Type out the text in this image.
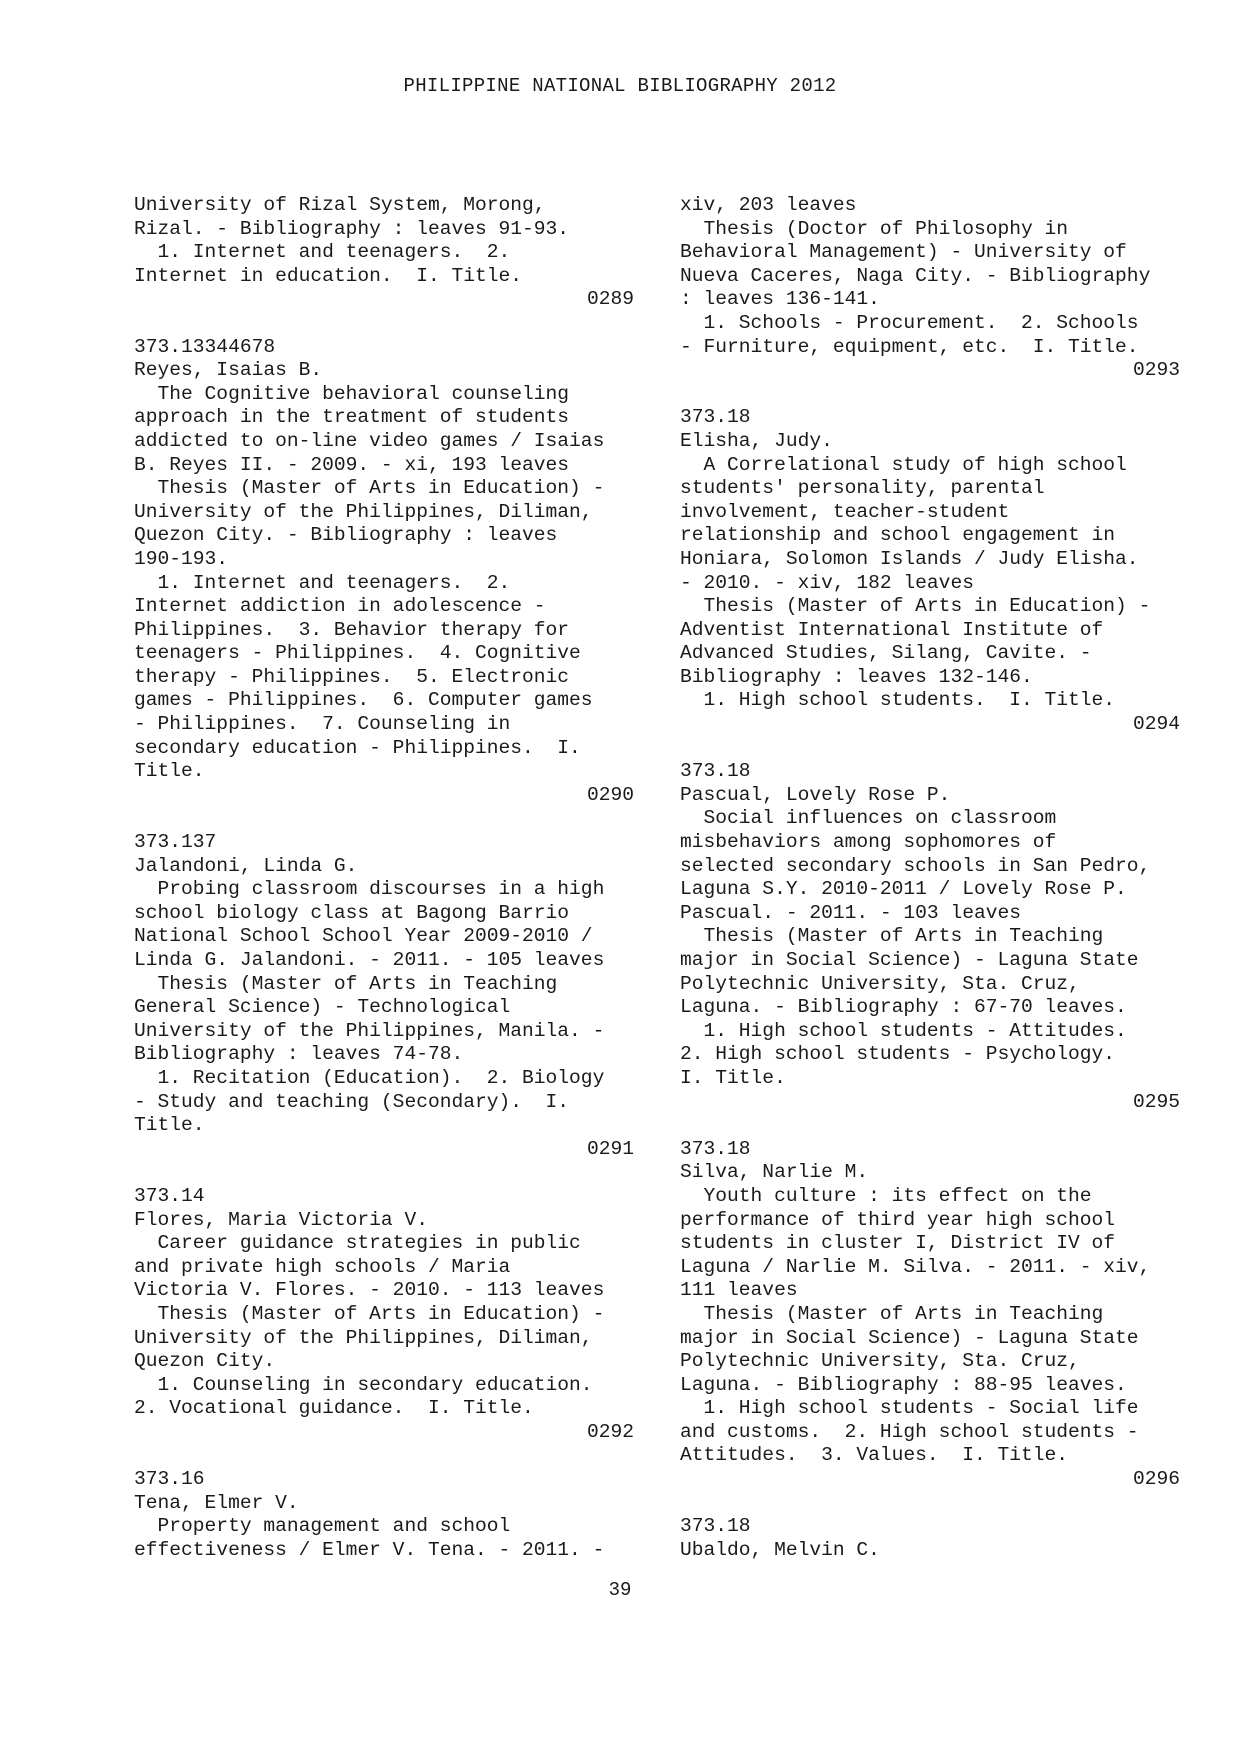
PHILIPPINE NATIONAL BIBLIOGRAPHY 2012
University of Rizal System, Morong,
Rizal. - Bibliography : leaves 91-93.
1. Internet and teenagers.  2.
Internet in education.  I. Title.
0289
373.13344678
Reyes, Isaias B.
The Cognitive behavioral counseling
approach in the treatment of students
addicted to on-line video games / Isaias
B. Reyes II. - 2009. - xi, 193 leaves
Thesis (Master of Arts in Education) -
University of the Philippines, Diliman,
Quezon City. - Bibliography : leaves
190-193.
1. Internet and teenagers.  2.
Internet addiction in adolescence -
Philippines.  3. Behavior therapy for
teenagers - Philippines.  4. Cognitive
therapy - Philippines.  5. Electronic
games - Philippines.  6. Computer games
- Philippines.  7. Counseling in
secondary education - Philippines.  I.
Title.
0290
373.137
Jalandoni, Linda G.
Probing classroom discourses in a high
school biology class at Bagong Barrio
National School School Year 2009-2010 /
Linda G. Jalandoni. - 2011. - 105 leaves
Thesis (Master of Arts in Teaching
General Science) - Technological
University of the Philippines, Manila. -
Bibliography : leaves 74-78.
1. Recitation (Education).  2. Biology
- Study and teaching (Secondary).  I.
Title.
0291
373.14
Flores, Maria Victoria V.
Career guidance strategies in public
and private high schools / Maria
Victoria V. Flores. - 2010. - 113 leaves
Thesis (Master of Arts in Education) -
University of the Philippines, Diliman,
Quezon City.
1. Counseling in secondary education.
2. Vocational guidance.  I. Title.
0292
373.16
Tena, Elmer V.
Property management and school
effectiveness / Elmer V. Tena. - 2011. -
xiv, 203 leaves
Thesis (Doctor of Philosophy in
Behavioral Management) - University of
Nueva Caceres, Naga City. - Bibliography
: leaves 136-141.
1. Schools - Procurement.  2. Schools
- Furniture, equipment, etc.  I. Title.
0293
373.18
Elisha, Judy.
A Correlational study of high school
students' personality, parental
involvement, teacher-student
relationship and school engagement in
Honiara, Solomon Islands / Judy Elisha.
- 2010. - xiv, 182 leaves
Thesis (Master of Arts in Education) -
Adventist International Institute of
Advanced Studies, Silang, Cavite. -
Bibliography : leaves 132-146.
1. High school students.  I. Title.
0294
373.18
Pascual, Lovely Rose P.
Social influences on classroom
misbehaviors among sophomores of
selected secondary schools in San Pedro,
Laguna S.Y. 2010-2011 / Lovely Rose P.
Pascual. - 2011. - 103 leaves
Thesis (Master of Arts in Teaching
major in Social Science) - Laguna State
Polytechnic University, Sta. Cruz,
Laguna. - Bibliography : 67-70 leaves.
1. High school students - Attitudes.
2. High school students - Psychology.
I. Title.
0295
373.18
Silva, Narlie M.
Youth culture : its effect on the
performance of third year high school
students in cluster I, District IV of
Laguna / Narlie M. Silva. - 2011. - xiv,
111 leaves
Thesis (Master of Arts in Teaching
major in Social Science) - Laguna State
Polytechnic University, Sta. Cruz,
Laguna. - Bibliography : 88-95 leaves.
1. High school students - Social life
and customs.  2. High school students -
Attitudes.  3. Values.  I. Title.
0296
373.18
Ubaldo, Melvin C.
39
